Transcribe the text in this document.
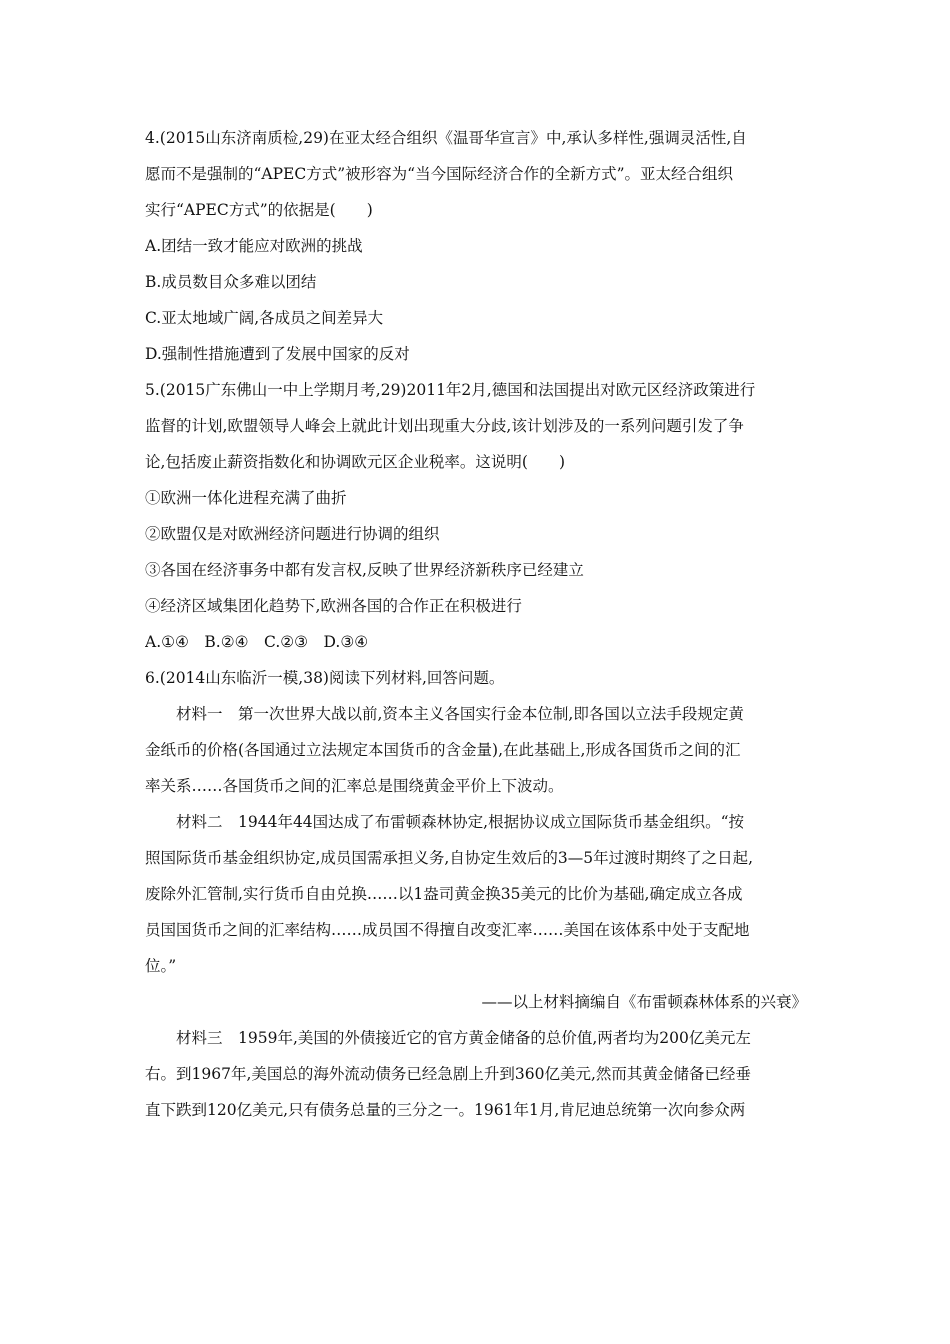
4.(2015山东济南质检,29)在亚太经合组织《温哥华宣言》中,承认多样性,强调灵活性,自
愿而不是强制的“APEC方式”被形容为“当今国际经济合作的全新方式”。亚太经合组织
实行“APEC方式”的依据是(　　)
A.团结一致才能应对欧洲的挑战
B.成员数目众多难以团结
C.亚太地域广阔,各成员之间差异大
D.强制性措施遭到了发展中国家的反对
5.(2015广东佛山一中上学期月考,29)2011年2月,德国和法国提出对欧元区经济政策进行
监督的计划,欧盟领导人峰会上就此计划出现重大分歧,该计划涉及的一系列问题引发了争
论,包括废止薪资指数化和协调欧元区企业税率。这说明(　　)
①欧洲一体化进程充满了曲折
②欧盟仅是对欧洲经济问题进行协调的组织
③各国在经济事务中都有发言权,反映了世界经济新秩序已经建立
④经济区域集团化趋势下,欧洲各国的合作正在积极进行
A.①④　B.②④　C.②③　D.③④
6.(2014山东临沂一模,38)阅读下列材料,回答问题。
材料一　第一次世界大战以前,资本主义各国实行金本位制,即各国以立法手段规定黄
金纸币的价格(各国通过立法规定本国货币的含金量),在此基础上,形成各国货币之间的汇
率关系……各国货币之间的汇率总是围绕黄金平价上下波动。
材料二　1944年44国达成了布雷顿森林协定,根据协议成立国际货币基金组织。“按
照国际货币基金组织协定,成员国需承担义务,自协定生效后的3—5年过渡时期终了之日起,
废除外汇管制,实行货币自由兑换……以1盎司黄金换35美元的比价为基础,确定成立各成
员国国货币之间的汇率结构……成员国不得擅自改变汇率……美国在该体系中处于支配地
位。”
——以上材料摘编自《布雷顿森林体系的兴衰》
材料三　1959年,美国的外债接近它的官方黄金储备的总价值,两者均为200亿美元左
右。到1967年,美国总的海外流动债务已经急剧上升到360亿美元,然而其黄金储备已经垂
直下跌到120亿美元,只有债务总量的三分之一。1961年1月,肯尼迪总统第一次向参众两
